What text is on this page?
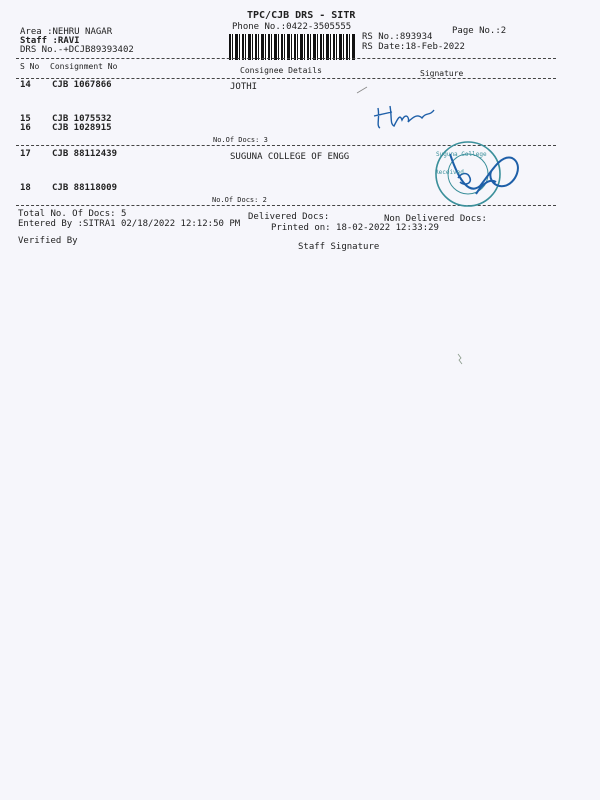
TPC/CJB DRS - SITR
Phone No.:0422-3505555	Page No.:2
Area :NEHRU NAGAR
Staff :RAVI
DRS No.-+DCJB89393402
RS No.:893934
RS Date:18-Feb-2022
S No Consignment No	Consignee Details	Signature
14 CJB 1067866	JOTHI
15 CJB 1075532
16 CJB 1028915
No.Of Docs: 3
17 CJB 88112439	SUGUNA COLLEGE OF ENGG
18 CJB 88118009
No.Of Docs: 2
Total No. Of Docs: 5	Delivered Docs:	Non Delivered Docs:
Entered By :SITRA1 02/18/2022 12:12:50 PM	Printed on: 18-02-2022 12:33:29
Verified By
Staff Signature
Received
Suguna College
